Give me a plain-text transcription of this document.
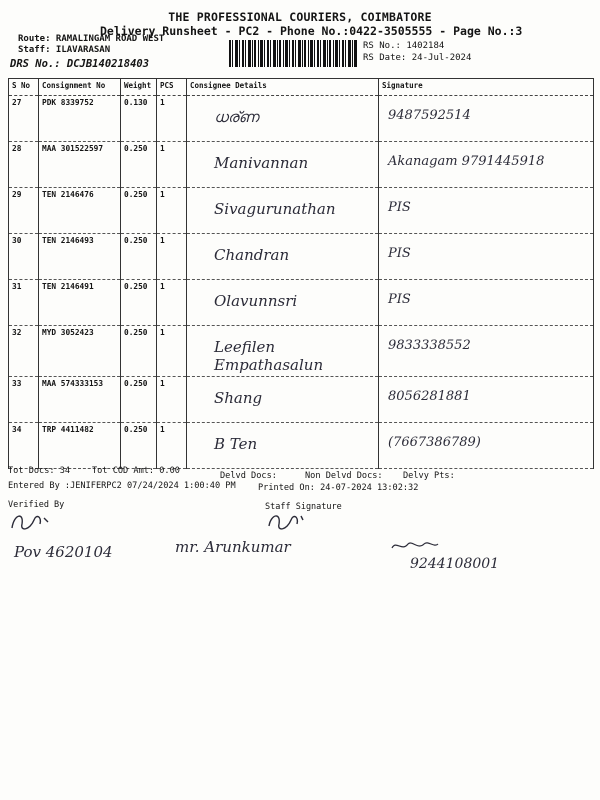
THE PROFESSIONAL COURIERS, COIMBATORE
Delivery Runsheet - PC2 - Phone No.:0422-3505555 - Page No.:3
Route: RAMALINGAM ROAD WEST
Staff: ILAVARASAN
DRS No.: DCJB140218403
RS No.: 1402184
RS Date: 24-Jul-2024
S No	Consignment No	Weight	PCS	Consignee Details	Signature
27	PDK 8339752	0.130	1	ധര്ണ	9487592514

28	MAA 301522597	0.250	1	Manivannan	Akanagam 9791445918

29	TEN 2146476	0.250	1	Sivagurunathan	PIS

30	TEN 2146493	0.250	1	Chandran	PIS

31	TEN 2146491	0.250	1	Olavunnsri	PIS

32	MYD 3052423	0.250	1	Leefilen Empathasalun	9833338552

33	MAA 574333153	0.250	1	Shang	8056281881

34	TRP 4411482	0.250	1	B Ten	(7667386789)
Tot Docs: 34	Tot COD Amt: 0.00	Delvd Docs:	Non Delvd Docs: Delvy Pts:
Entered By :JENIFERPC2 07/24/2024 1:00:40 PM	Printed On: 24-07-2024 13:02:32
Verified By	Staff Signature
Pov 4620104	mr. Arunkumar
9244108001
